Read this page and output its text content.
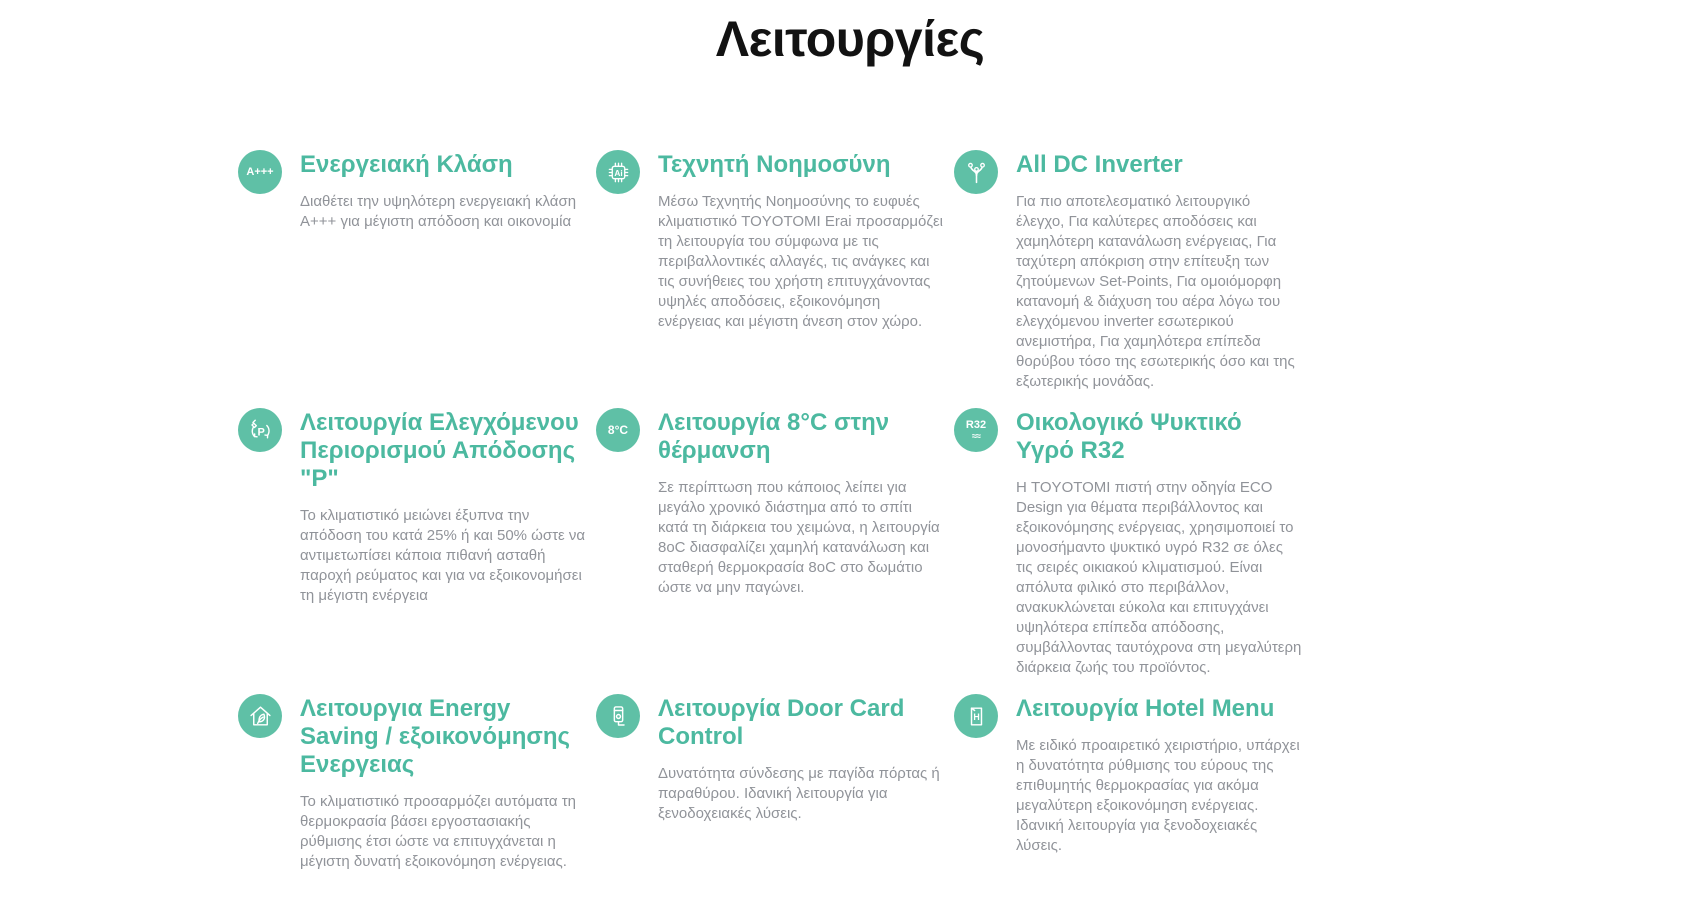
Λειτουργίες
A+++ Ενεργειακή Κλάση

Διαθέτει την υψηλότερη ενεργειακή κλάση A+++ για μέγιστη απόδοση και οικονομία

Ai Τεχνητή Νοημοσύνη

Μέσω Τεχνητής Νοημοσύνης το ευφυές κλιματιστικό TOYOTOMI Erai προσαρμόζει τη λειτουργία του σύμφωνα με τις περιβαλλοντικές αλλαγές, τις ανάγκες και τις συνήθειες του χρήστη επιτυγχάνοντας υψηλές αποδόσεις, εξοικονόμηση ενέργειας και μέγιστη άνεση στον χώρο.

All DC Inverter

Για πιο αποτελεσματικό λειτουργικό έλεγχο, Για καλύτερες αποδόσεις και χαμηλότερη κατανάλωση ενέργειας, Για ταχύτερη απόκριση στην επίτευξη των ζητούμενων Set-Points, Για ομοιόμορφη κατανομή & διάχυση του αέρα λόγω του ελεγχόμενου inverter εσωτερικού ανεμιστήρα, Για χαμηλότερα επίπεδα θορύβου τόσο της εσωτερικής όσο και της εξωτερικής μονάδας.

P Λειτουργία Ελεγχόμενου Περιορισμού Απόδοσης "P"

Το κλιματιστικό μειώνει έξυπνα την απόδοση του κατά 25% ή και 50% ώστε να αντιμετωπίσει κάποια πιθανή ασταθή παροχή ρεύματος και για να εξοικονομήσει τη μέγιστη ενέργεια

8°C Λειτουργία 8°C στην θέρμανση

Σε περίπτωση που κάποιος λείπει για μεγάλο χρονικό διάστημα από το σπίτι κατά τη διάρκεια του χειμώνα, η λειτουργία 8οC διασφαλίζει χαμηλή κατανάλωση και σταθερή θερμοκρασία 8οC στο δωμάτιο ώστε να μην παγώνει.

R32
≈≈ Οικολογικό Ψυκτικό Υγρό R32

Η TOYOTOMI πιστή στην οδηγία ECO Design για θέματα περιβάλλοντος και εξοικονόμησης ενέργειας, χρησιμοποιεί το μονοσήμαντο ψυκτικό υγρό R32 σε όλες τις σειρές οικιακού κλιματισμού. Είναι απόλυτα φιλικό στο περιβάλλον, ανακυκλώνεται εύκολα και επιτυγχάνει υψηλότερα επίπεδα απόδοσης, συμβάλλοντας ταυτόχρονα στη μεγαλύτερη διάρκεια ζωής του προϊόντος.

Λειτουργια Energy Saving / εξοικονόμησης Ενεργειας

Το κλιματιστικό προσαρμόζει αυτόματα τη θερμοκρασία βάσει εργοστασιακής ρύθμισης έτσι ώστε να επιτυγχάνεται η μέγιστη δυνατή εξοικονόμηση ενέργειας.

Λειτουργία Door Card Control

Δυνατότητα σύνδεσης με παγίδα πόρτας ή παραθύρου. Ιδανική λειτουργία για ξενοδοχειακές λύσεις.

H Λειτουργία Hotel Menu

Με ειδικό προαιρετικό χειριστήριο, υπάρχει η δυνατότητα ρύθμισης του εύρους της επιθυμητής θερμοκρασίας για ακόμα μεγαλύτερη εξοικονόμηση ενέργειας. Ιδανική λειτουργία για ξενοδοχειακές λύσεις.
